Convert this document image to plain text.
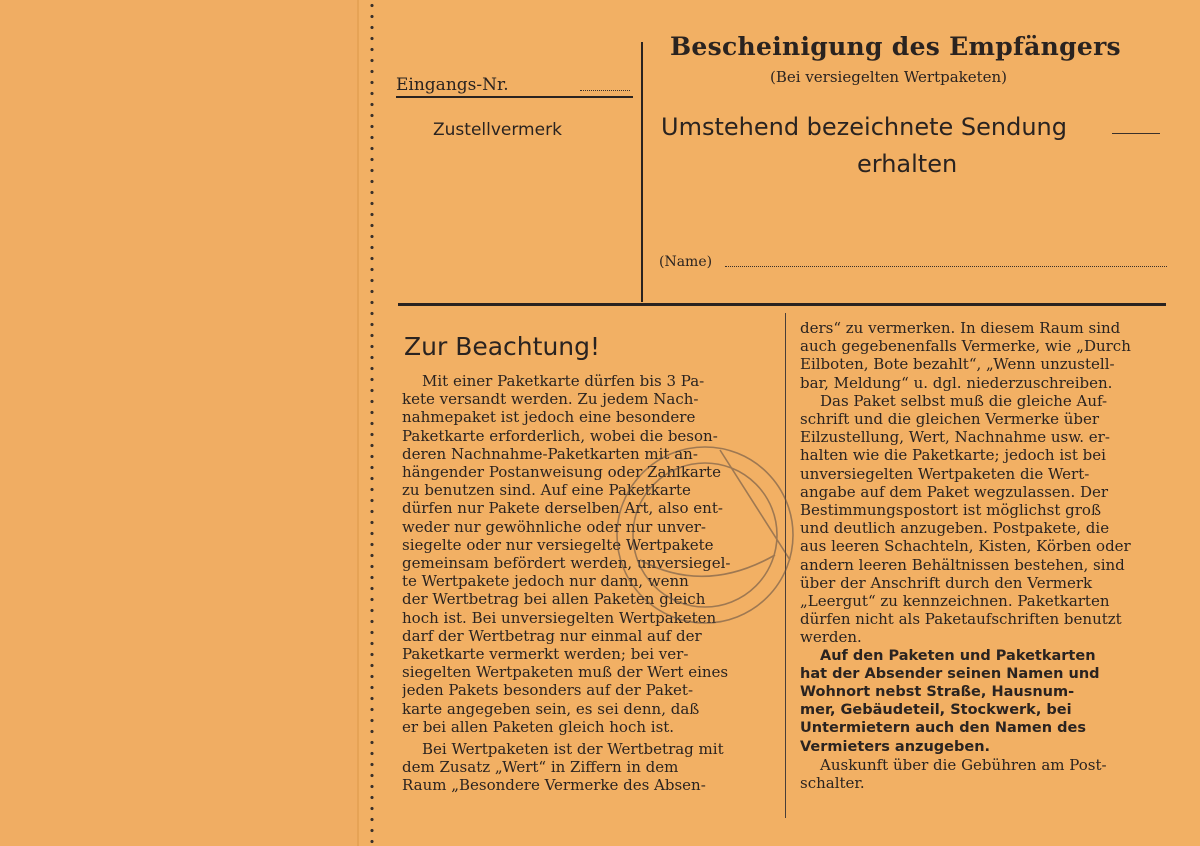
Bescheinigung des Empfängers
(Bei versiegelten Wertpaketen)
Eingangs-Nr.
Zustellvermerk	Umstehend bezeichnete Sendung
erhalten
(Name)
Zur Beachtung!
Mit einer Paketkarte dürfen bis 3 Pa-
kete versandt werden. Zu jedem Nach-
nahmepaket ist jedoch eine besondere
Paketkarte erforderlich, wobei die beson-
deren Nachnahme-Paketkarten mit an-
hängender Postanweisung oder Zahlkarte
zu benutzen sind. Auf eine Paketkarte
dürfen nur Pakete derselben Art, also ent-
weder nur gewöhnliche oder nur unver-
siegelte oder nur versiegelte Wertpakete
gemeinsam befördert werden, unversiegel-
te Wertpakete jedoch nur dann, wenn
der Wertbetrag bei allen Paketen gleich
hoch ist. Bei unversiegelten Wertpaketen
darf der Wertbetrag nur einmal auf der
Paketkarte vermerkt werden; bei ver-
siegelten Wertpaketen muß der Wert eines
jeden Pakets besonders auf der Paket-
karte angegeben sein, es sei denn, daß
er bei allen Paketen gleich hoch ist.
Bei Wertpaketen ist der Wertbetrag mit
dem Zusatz „Wert“ in Ziffern in dem
Raum „Besondere Vermerke des Absen-
ders“ zu vermerken. In diesem Raum sind
auch gegebenenfalls Vermerke, wie „Durch
Eilboten, Bote bezahlt“, „Wenn unzustell-
bar, Meldung“ u. dgl. niederzuschreiben.
Das Paket selbst muß die gleiche Auf-
schrift und die gleichen Vermerke über
Eilzustellung, Wert, Nachnahme usw. er-
halten wie die Paketkarte; jedoch ist bei
unversiegelten Wertpaketen die Wert-
angabe auf dem Paket wegzulassen. Der
Bestimmungspostort ist möglichst groß
und deutlich anzugeben. Postpakete, die
aus leeren Schachteln, Kisten, Körben oder
andern leeren Behältnissen bestehen, sind
über der Anschrift durch den Vermerk
„Leergut“ zu kennzeichnen. Paketkarten
dürfen nicht als Paketaufschriften benutzt
werden.
Auf den Paketen und Paketkarten
hat der Absender seinen Namen und
Wohnort nebst Straße, Hausnum-
mer, Gebäudeteil, Stockwerk, bei
Untermietern auch den Namen des
Vermieters anzugeben.
Auskunft über die Gebühren am Post-
schalter.
